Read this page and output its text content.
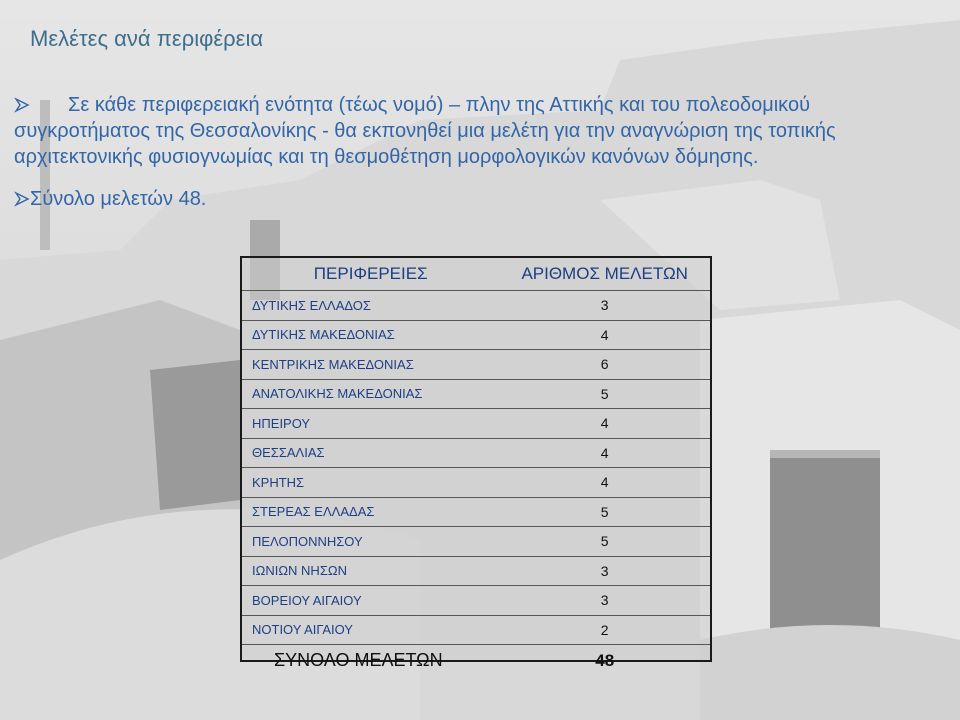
Μελέτες ανά περιφέρεια
Σε κάθε περιφερειακή ενότητα (τέως νομό) – πλην της Αττικής και του πολεοδομικού συγκροτήματος της Θεσσαλονίκης - θα εκπονηθεί μια μελέτη για την αναγνώριση της τοπικής αρχιτεκτονικής φυσιογνωμίας και τη θεσμοθέτηση μορφολογικών κανόνων δόμησης.
Σύνολο μελετών 48.
ΠΕΡΙΦΕΡΕΙΕΣ	ΑΡΙΘΜΟΣ ΜΕΛΕΤΩΝ
ΔΥΤΙΚΗΣ ΕΛΛΑΔΟΣ	3
ΔΥΤΙΚΗΣ ΜΑΚΕΔΟΝΙΑΣ	4
ΚΕΝΤΡΙΚΗΣ ΜΑΚΕΔΟΝΙΑΣ	6
ΑΝΑΤΟΛΙΚΗΣ ΜΑΚΕΔΟΝΙΑΣ	5
ΗΠΕΙΡΟΥ	4
ΘΕΣΣΑΛΙΑΣ	4
ΚΡΗΤΗΣ	4
ΣΤΕΡΕΑΣ ΕΛΛΑΔΑΣ	5
ΠΕΛΟΠΟΝΝΗΣΟΥ	5
ΙΩΝΙΩΝ ΝΗΣΩΝ	3
ΒΟΡΕΙΟΥ ΑΙΓΑΙΟΥ	3
ΝΟΤΙΟΥ ΑΙΓΑΙΟΥ	2
ΣΥΝΟΛΟ ΜΕΛΕΤΩΝ	48
